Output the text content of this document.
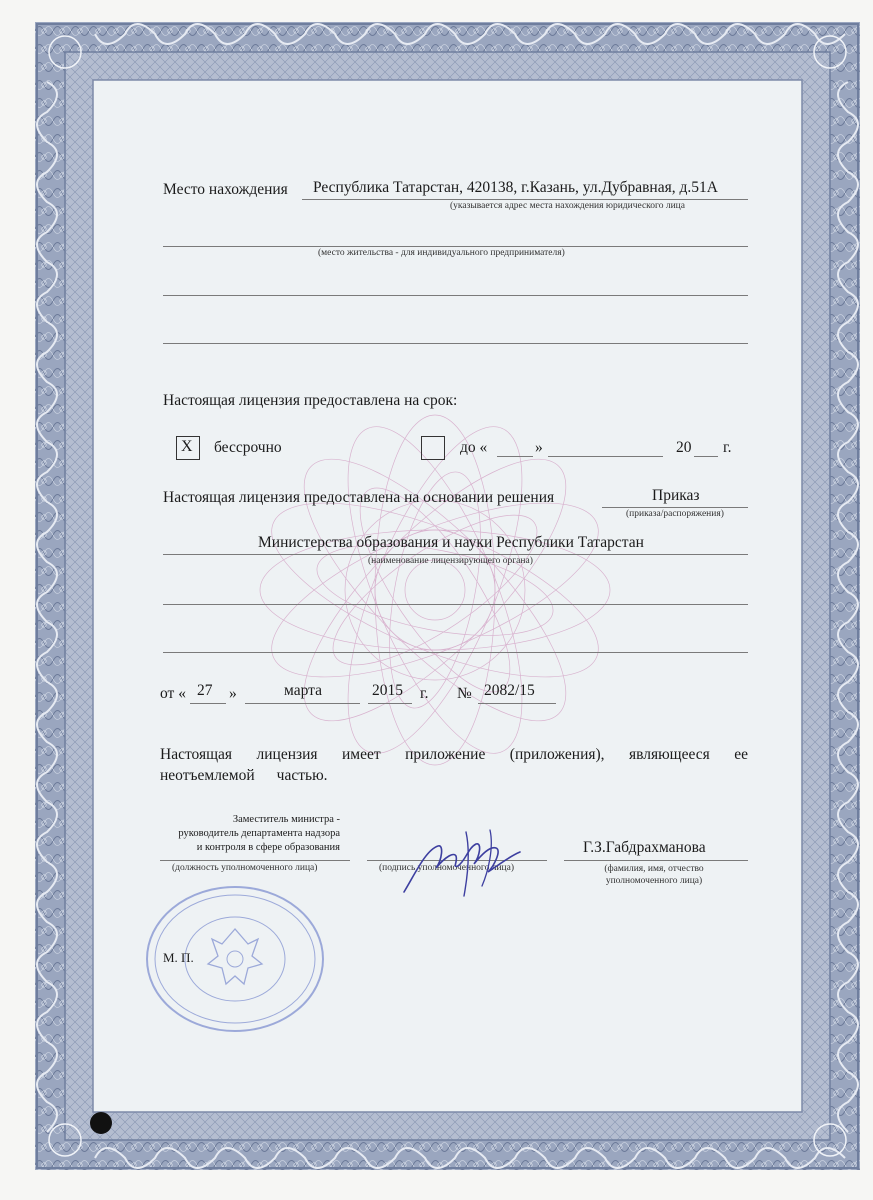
Место нахождения Республика Татарстан, 420138, г.Казань, ул.Дубравная, д.51А
(указывается адрес места нахождения юридического лица
(место жительства - для индивидуального предпринимателя)
Настоящая лицензия предоставлена на срок:
X бессрочно	до «	»	20 г.
Настоящая лицензия предоставлена на основании решения	Приказ
(приказа/распоряжения)
Министерства образования и науки Республики Татарстан
(наименование лицензирующего органа)
от « 27 »	марта	2015 г. № 2082/15
Настоящая лицензия имеет приложение (приложения), являющееся ее
неотъемлемой частью.
Заместитель министра -
руководитель департамента надзора
и контроля в сфере образования
(должность уполномоченного лица)	(подпись уполномоченного лица)
Г.З.Габдрахманова
(фамилия, имя, отчество
уполномоченного лица)
М. П.
